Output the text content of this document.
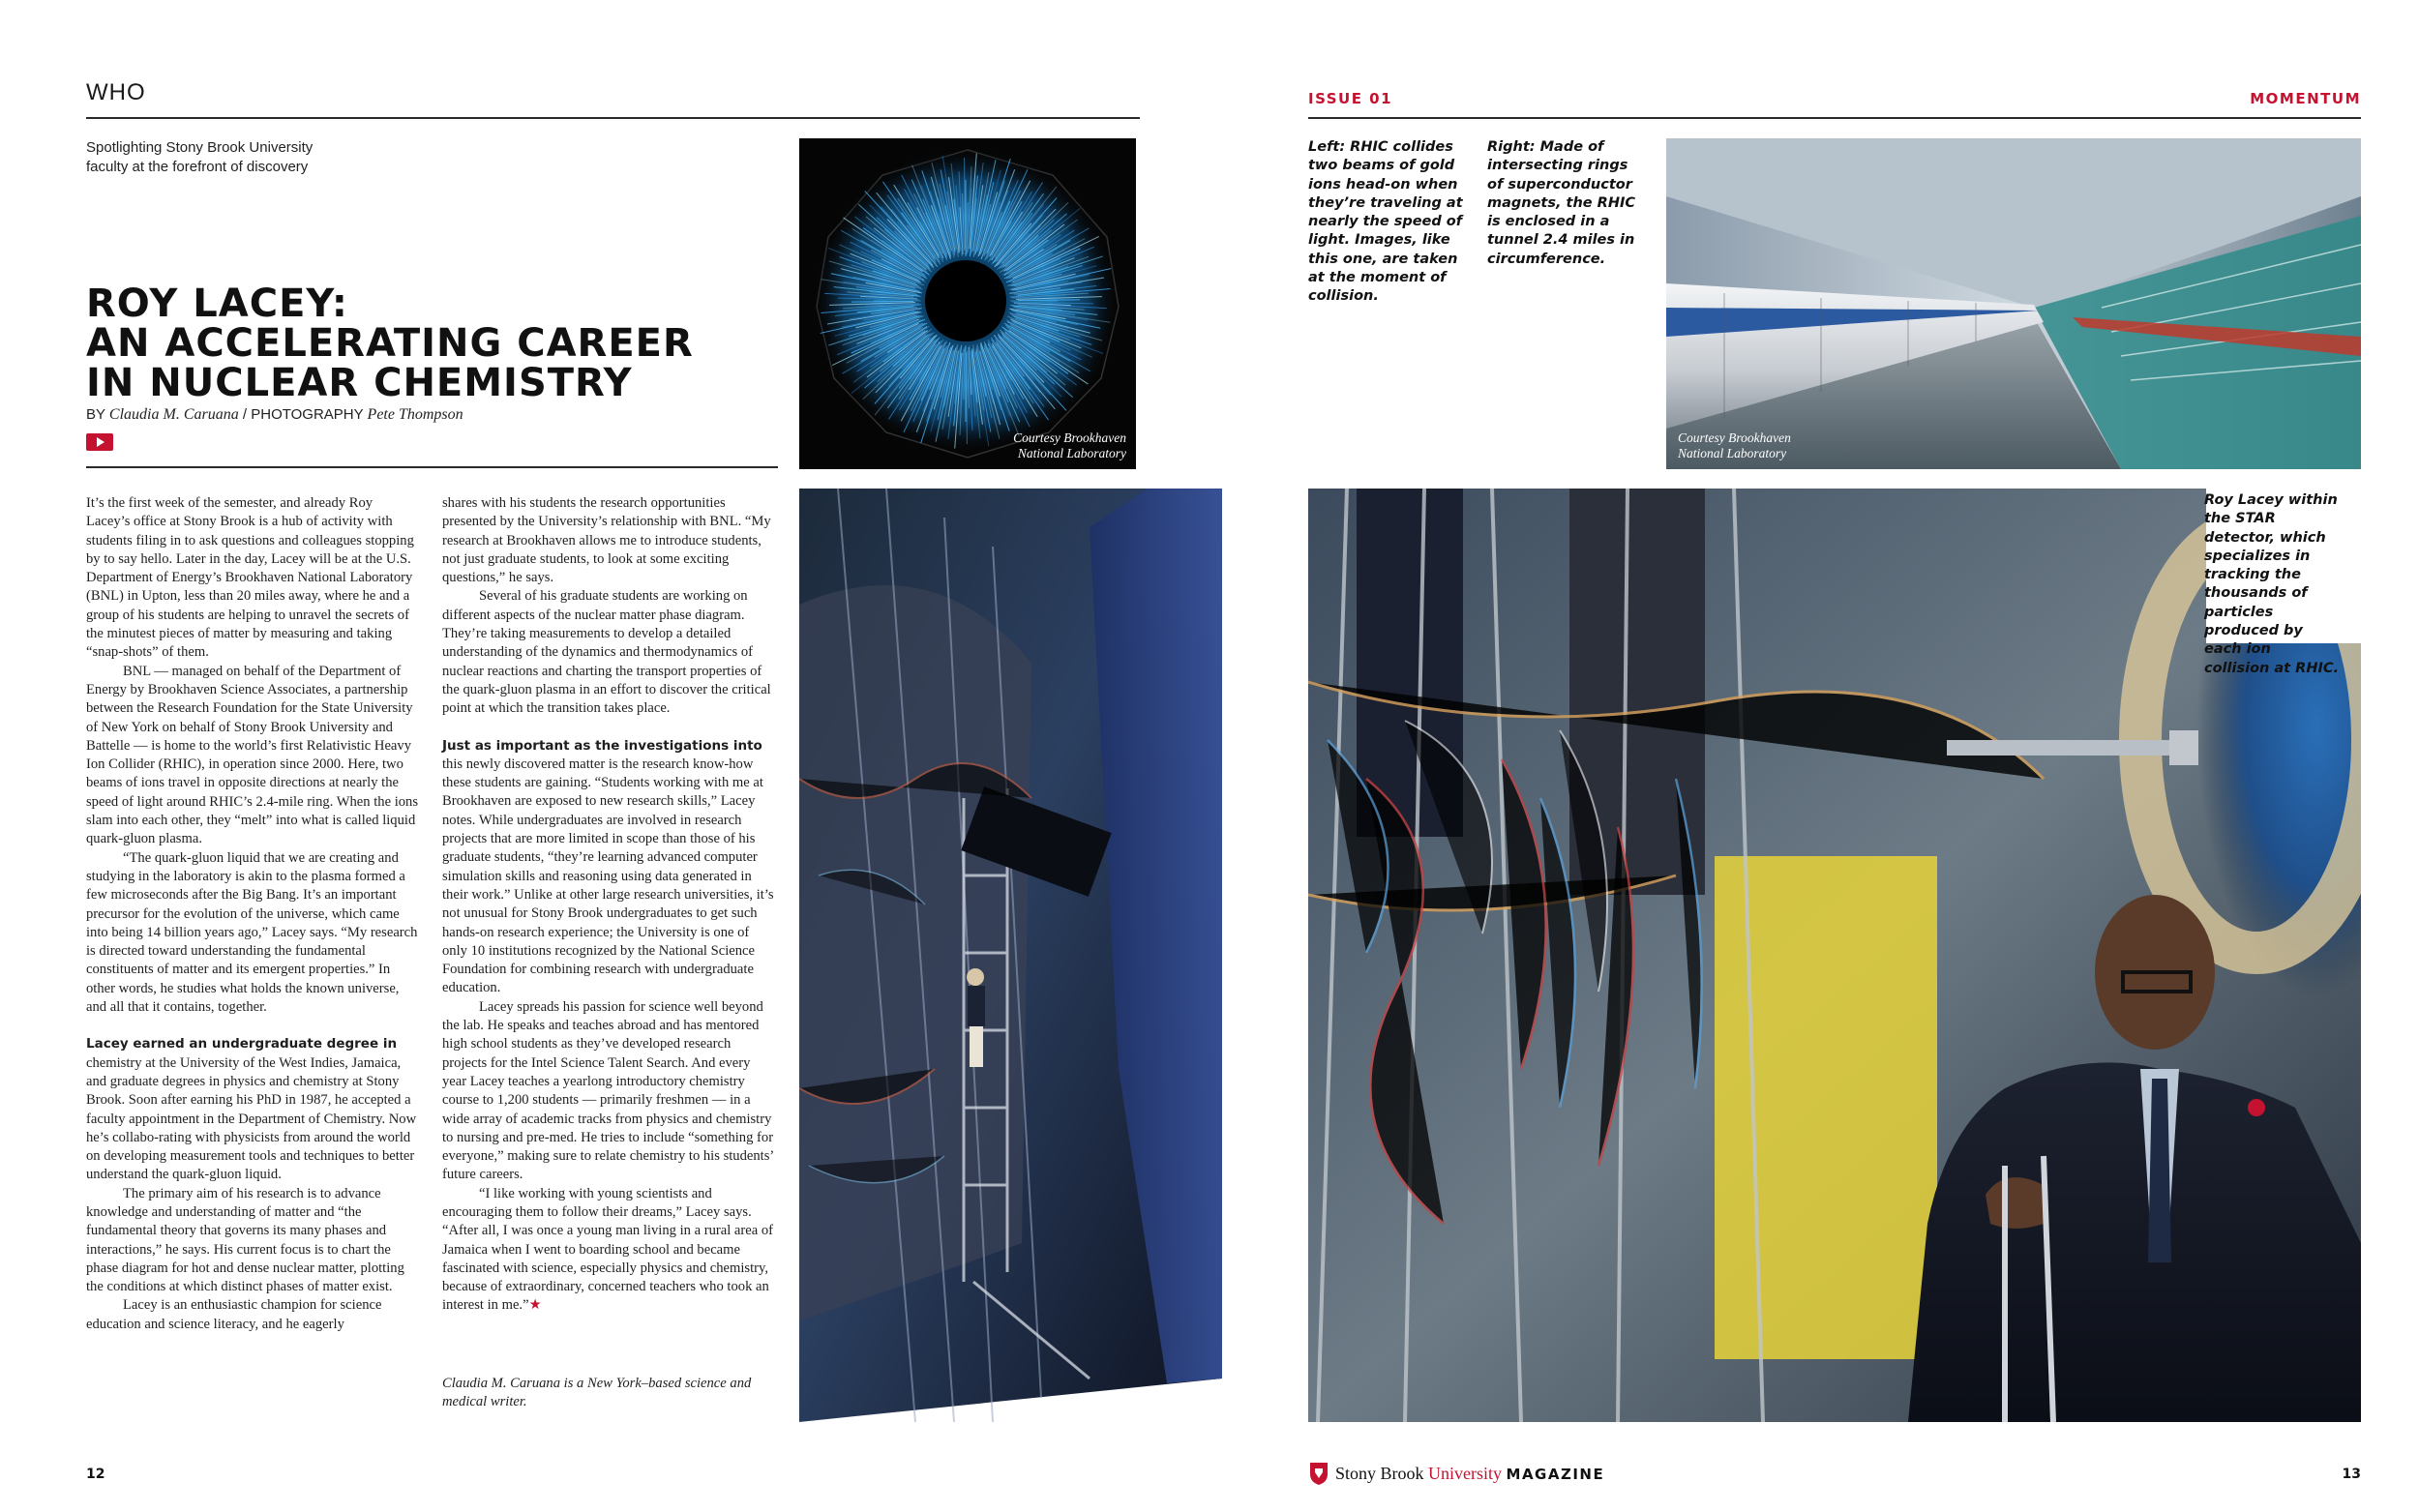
WHO
Spotlighting Stony Brook University
faculty at the forefront of discovery
ROY LACEY:
AN ACCELERATING CAREER
IN NUCLEAR CHEMISTRY
BY Claudia M. Caruana / PHOTOGRAPHY Pete Thompson

It’s the first week of the semester, and already Roy Lacey’s office at Stony Brook is a hub of activity with students filing in to ask questions and colleagues stopping by to say hello. Later in the day, Lacey will be at the U.S. Department of Energy’s Brookhaven National Laboratory (BNL) in Upton, less than 20 miles away, where he and a group of his students are helping to unravel the secrets of the minutest pieces of matter by measuring and taking “snap-shots” of them.

BNL — managed on behalf of the Department of Energy by Brookhaven Science Associates, a partnership between the Research Foundation for the State University of New York on behalf of Stony Brook University and Battelle — is home to the world’s first Relativistic Heavy Ion Collider (RHIC), in operation since 2000. Here, two beams of ions travel in opposite directions at nearly the speed of light around RHIC’s 2.4-mile ring. When the ions slam into each other, they “melt” into what is called liquid quark-gluon plasma.

“The quark-gluon liquid that we are creating and studying in the laboratory is akin to the plasma formed a few microseconds after the Big Bang. It’s an important precursor for the evolution of the universe, which came into being 14 billion years ago,” Lacey says. “My research is directed toward understanding the fundamental constituents of matter and its emergent properties.” In other words, he studies what holds the known universe, and all that it contains, together.

Lacey earned an undergraduate degree in chemistry at the University of the West Indies, Jamaica, and graduate degrees in physics and chemistry at Stony Brook. Soon after earning his PhD in 1987, he accepted a faculty appointment in the Department of Chemistry. Now he’s collabo-rating with physicists from around the world on developing measurement tools and techniques to better understand the quark-gluon liquid.

The primary aim of his research is to advance knowledge and understanding of matter and “the fundamental theory that governs its many phases and interactions,” he says. His current focus is to chart the phase diagram for hot and dense nuclear matter, plotting the conditions at which distinct phases of matter exist.

Lacey is an enthusiastic champion for science education and science literacy, and he eagerly

shares with his students the research opportunities presented by the University’s relationship with BNL. “My research at Brookhaven allows me to introduce students, not just graduate students, to look at some exciting questions,” he says.

Several of his graduate students are working on different aspects of the nuclear matter phase diagram. They’re taking measurements to develop a detailed understanding of the dynamics and thermodynamics of nuclear reactions and charting the transport properties of the quark-gluon plasma in an effort to discover the critical point at which the transition takes place.

Just as important as the investigations into this newly discovered matter is the research know-how these students are gaining. “Students working with me at Brookhaven are exposed to new research skills,” Lacey notes. While undergraduates are involved in research projects that are more limited in scope than those of his graduate students, “they’re learning advanced computer simulation skills and reasoning using data generated in their work.” Unlike at other large research universities, it’s not unusual for Stony Brook undergraduates to get such hands-on research experience; the University is one of only 10 institutions recognized by the National Science Foundation for combining research with undergraduate education.

Lacey spreads his passion for science well beyond the lab. He speaks and teaches abroad and has mentored high school students as they’ve developed research projects for the Intel Science Talent Search. And every year Lacey teaches a yearlong introductory chemistry course to 1,200 students — primarily freshmen — in a wide array of academic tracks from physics and chemistry to nursing and pre-med. He tries to include “something for everyone,” making sure to relate chemistry to his students’ future careers.

“I like working with young scientists and encouraging them to follow their dreams,” Lacey says. “After all, I was once a young man living in a rural area of Jamaica when I went to boarding school and became fascinated with science, especially physics and chemistry, because of extraordinary, concerned teachers who took an interest in me.”★

Claudia M. Caruana is a New York–based science and medical writer.
Courtesy Brookhaven
National Laboratory
12
ISSUE 01	MOMENTUM
Left: RHIC collides two beams of gold ions head-on when they’re traveling at nearly the speed of light. Images, like this one, are taken at the moment of collision.
Right: Made of intersecting rings of superconductor magnets, the RHIC is enclosed in a tunnel 2.4 miles in circumference.
Courtesy Brookhaven
National Laboratory
Roy Lacey within the STAR detector, which specializes in tracking the thousands of particles produced by each ion collision at RHIC.
Stony Brook University MAGAZINE	13
